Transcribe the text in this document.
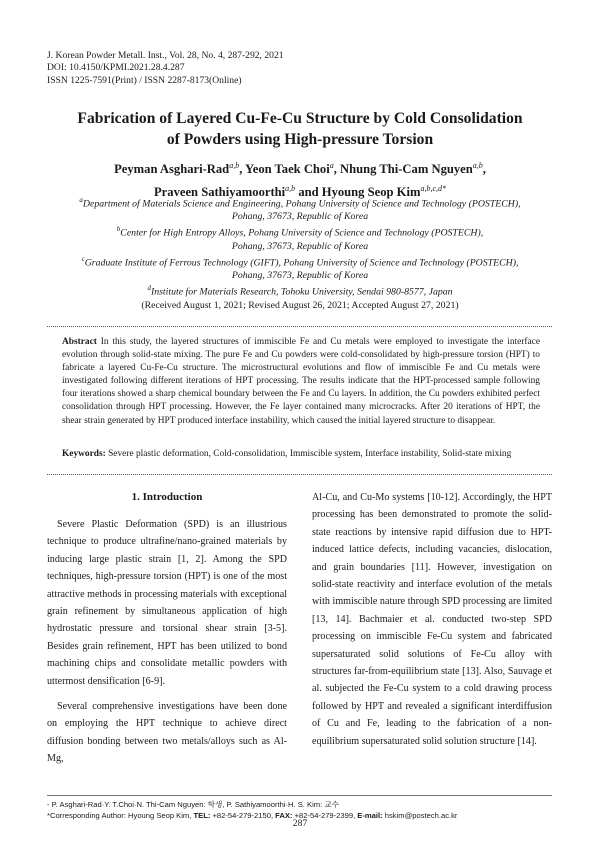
J. Korean Powder Metall. Inst., Vol. 28, No. 4, 287-292, 2021
DOI: 10.4150/KPMI.2021.28.4.287
ISSN 1225-7591(Print) / ISSN 2287-8173(Online)
Fabrication of Layered Cu-Fe-Cu Structure by Cold Consolidation
of Powders using High-pressure Torsion
Peyman Asghari-Rad$^{a,b}$, Yeon Taek Choi$^a$, Nhung Thi-Cam Nguyen$^{a,b}$,
Praveen Sathiyamoorthi$^{a,b}$ and Hyoung Seop Kim$^{a,b,c,d*}$
$^a$Department of Materials Science and Engineering, Pohang University of Science and Technology (POSTECH),
Pohang, 37673, Republic of Korea
$^b$Center for High Entropy Alloys, Pohang University of Science and Technology (POSTECH),
Pohang, 37673, Republic of Korea
$^c$Graduate Institute of Ferrous Technology (GIFT), Pohang University of Science and Technology (POSTECH),
Pohang, 37673, Republic of Korea
$^d$Institute for Materials Research, Tohoku University, Sendai 980-8577, Japan
(Received August 1, 2021; Revised August 26, 2021; Accepted August 27, 2021)
Abstract In this study, the layered structures of immiscible Fe and Cu metals were employed to investigate the interface evolution through solid-state mixing. The pure Fe and Cu powders were cold-consolidated by high-pressure torsion (HPT) to fabricate a layered Cu-Fe-Cu structure. The microstructural evolutions and flow of immiscible Fe and Cu metals were investigated following different iterations of HPT processing. The results indicate that the HPT-processed sample following four iterations showed a sharp chemical boundary between the Fe and Cu layers. In addition, the Cu powders exhibited perfect consolidation through HPT processing. However, the Fe layer contained many microcracks. After 20 iterations of HPT, the shear strain generated by HPT produced interface instability, which caused the initial layered structure to disappear.
Keywords: Severe plastic deformation, Cold-consolidation, Immiscible system, Interface instability, Solid-state mixing
1. Introduction

Severe Plastic Deformation (SPD) is an illustrious technique to produce ultrafine/nano-grained materials by inducing large plastic strain [1, 2]. Among the SPD techniques, high-pressure torsion (HPT) is one of the most attractive methods in processing materials with exceptional grain refinement by simultaneous application of high hydrostatic pressure and torsional shear strain [3-5]. Besides grain refinement, HPT has been utilized to bond machining chips and consolidate metallic powders with uttermost densification [6-9].

Several comprehensive investigations have been done on employing the HPT technique to achieve direct diffusion bonding between two metals/alloys such as Al-Mg,

Al-Cu, and Cu-Mo systems [10-12]. Accordingly, the HPT processing has been demonstrated to promote the solid-state reactions by intensive rapid diffusion due to HPT-induced lattice defects, including vacancies, dislocation, and grain boundaries [11]. However, investigation on solid-state reactivity and interface evolution of the metals with immiscible nature through SPD processing are limited [13, 14]. Bachmaier et al. conducted two-step SPD processing on immiscible Fe-Cu system and fabricated supersaturated solid solutions of Fe-Cu alloy with structures far-from-equilibrium state [13]. Also, Sauvage et al. subjected the Fe-Cu system to a cold drawing process followed by HPT and revealed a significant interdiffusion of Cu and Fe, leading to the fabrication of a non-equilibrium supersaturated solid solution structure [14].

- P. Asghari-Rad·Y. T.Choi·N. Thi-Cam Nguyen: 학생, P. Sathiyamoorthi·H. S. Kim: 교수
*Corresponding Author: Hyoung Seop Kim, TEL: +82-54-279-2150, FAX: +82-54-279-2399, E-mail: hskim@postech.ac.kr
287
